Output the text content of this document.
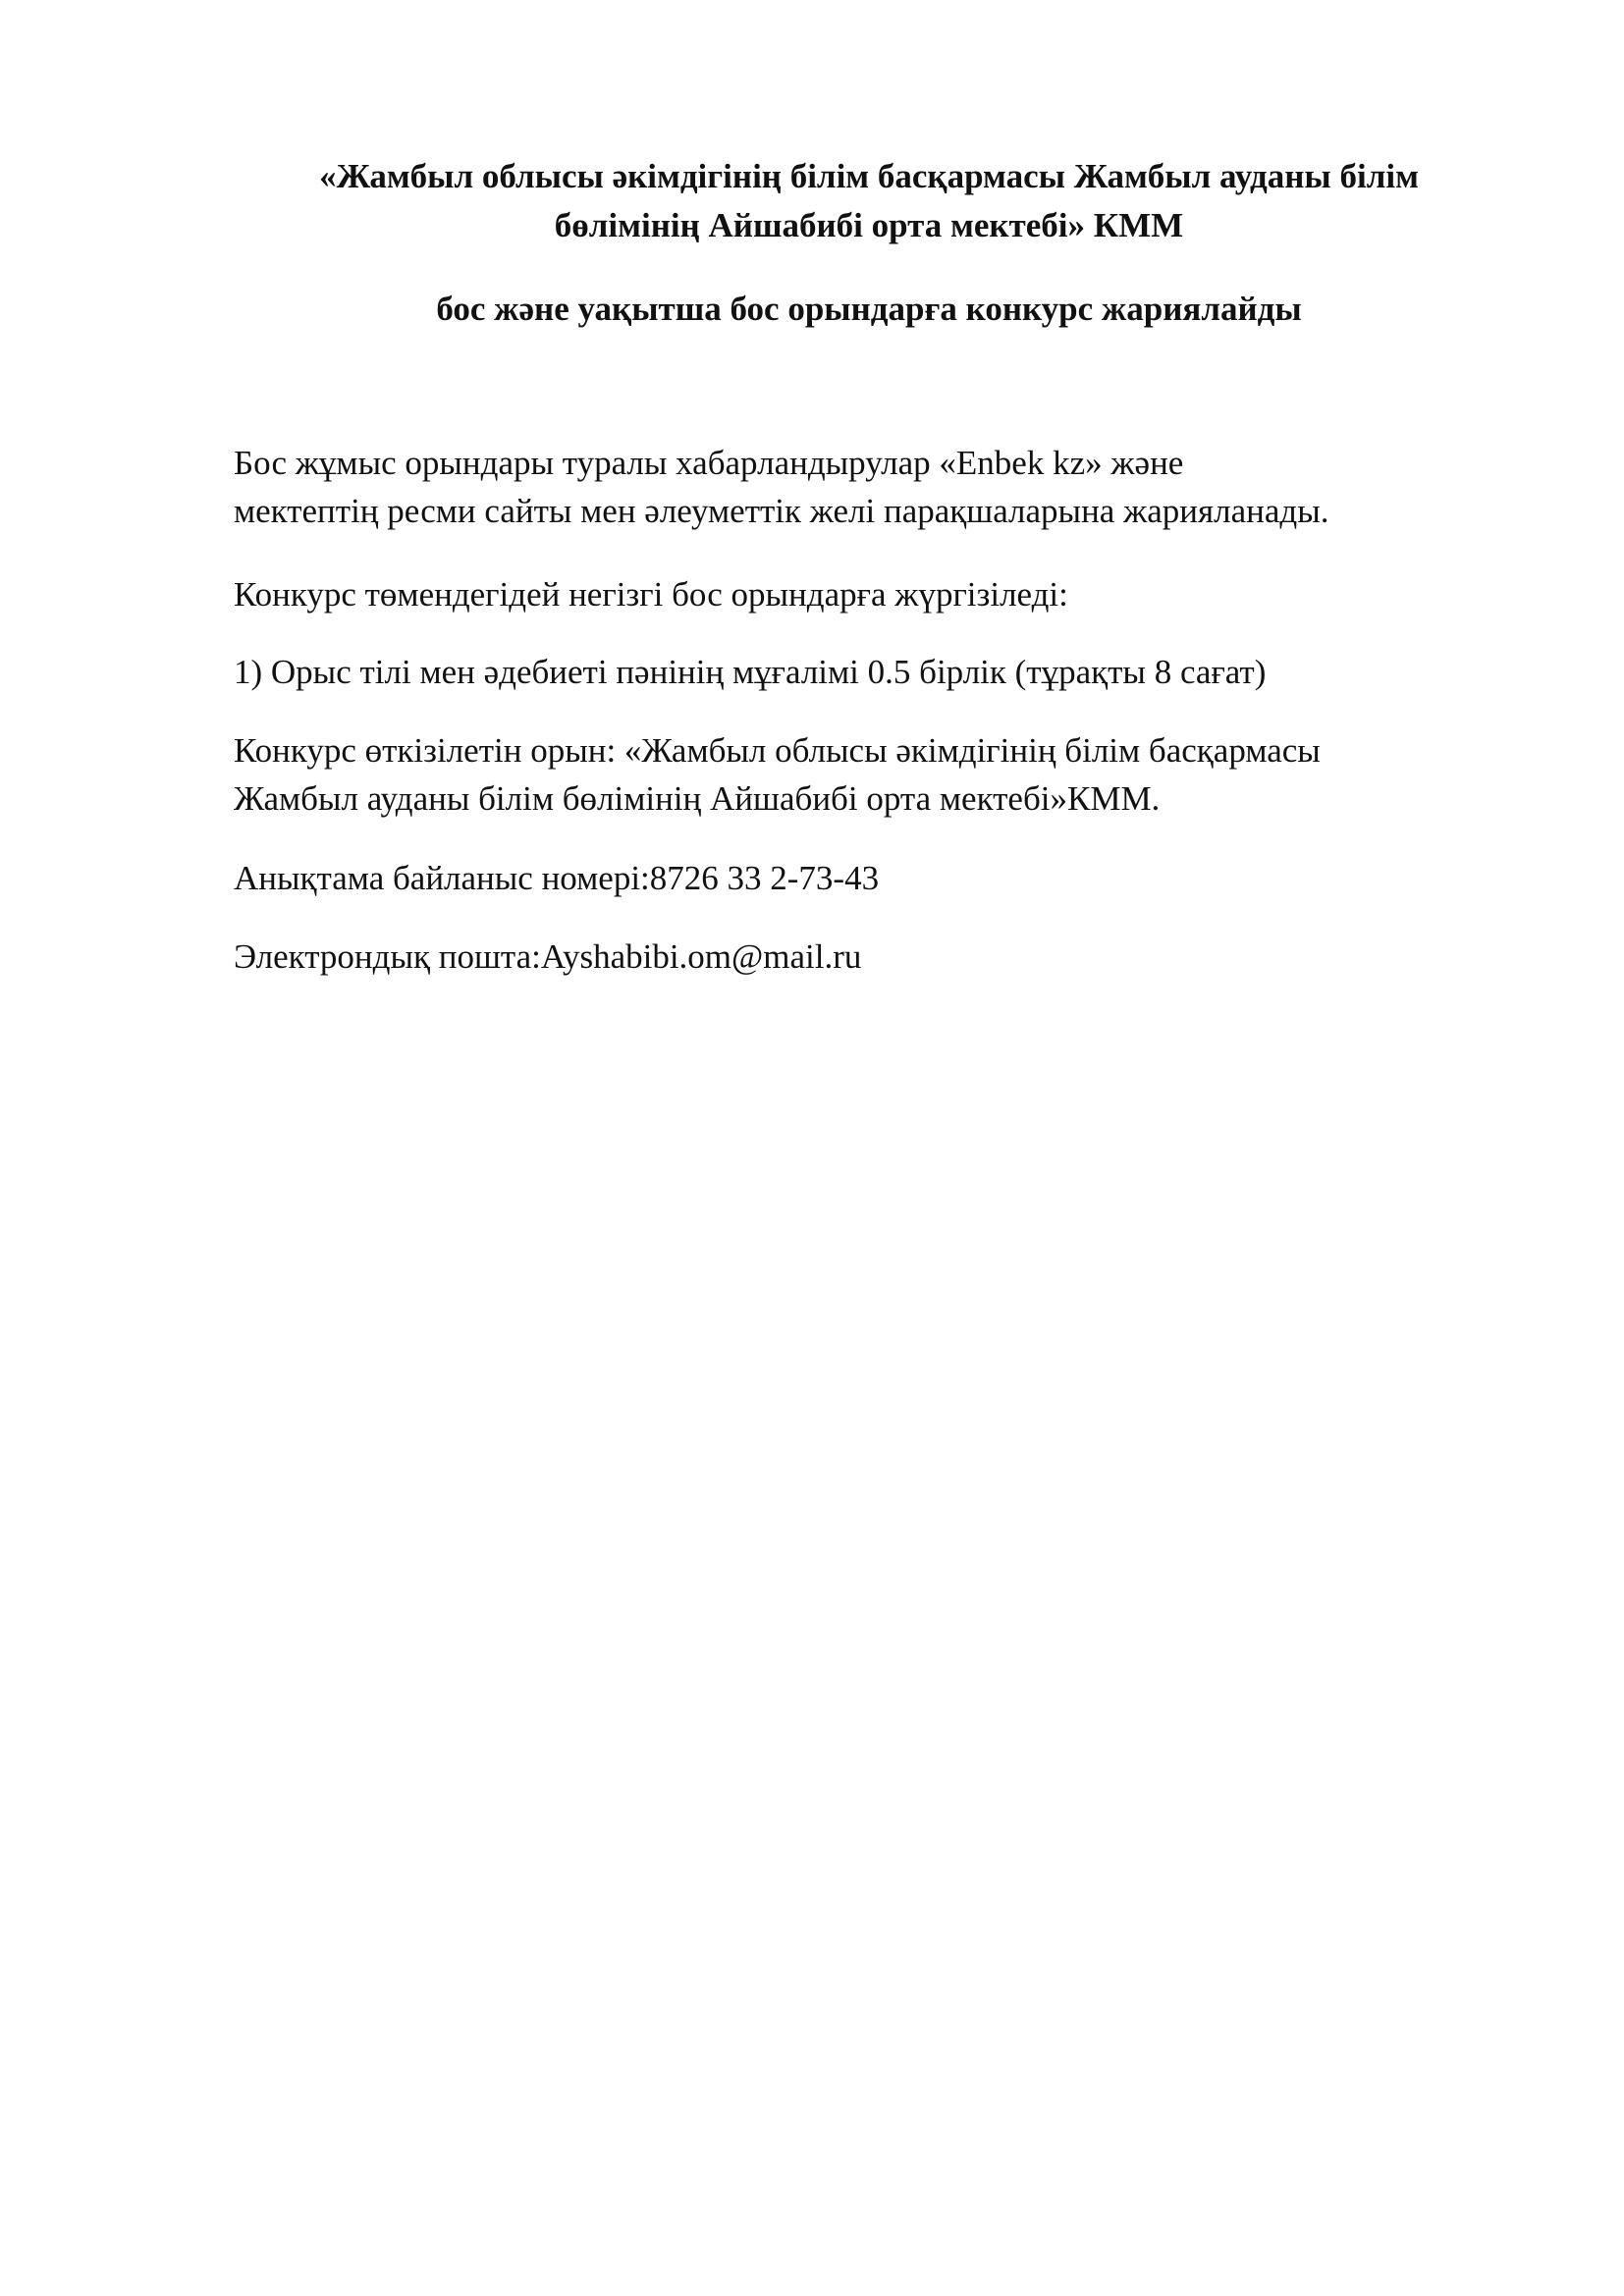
«Жамбыл облысы әкімдігінің білім басқармасы Жамбыл ауданы білім
бөлімінің Айшабибі орта мектебі» КММ
бос және уақытша бос орындарға конкурс жариялайды
Бос жұмыс орындары туралы хабарландырулар «Enbek kz» және
мектептің ресми сайты мен әлеуметтік желі парақшаларына жарияланады.

Конкурс төмендегідей негізгі бос орындарға жүргізіледі:

1) Орыс тілі мен әдебиеті пәнінің мұғалімі 0.5 бірлік (тұрақты 8 сағат)

Конкурс өткізілетін орын: «Жамбыл облысы әкімдігінің білім басқармасы
Жамбыл ауданы білім бөлімінің Айшабибі орта мектебі»КММ.

Анықтама байланыс номері:8726 33 2-73-43

Электрондық пошта:Ayshabibi.om@mail.ru
